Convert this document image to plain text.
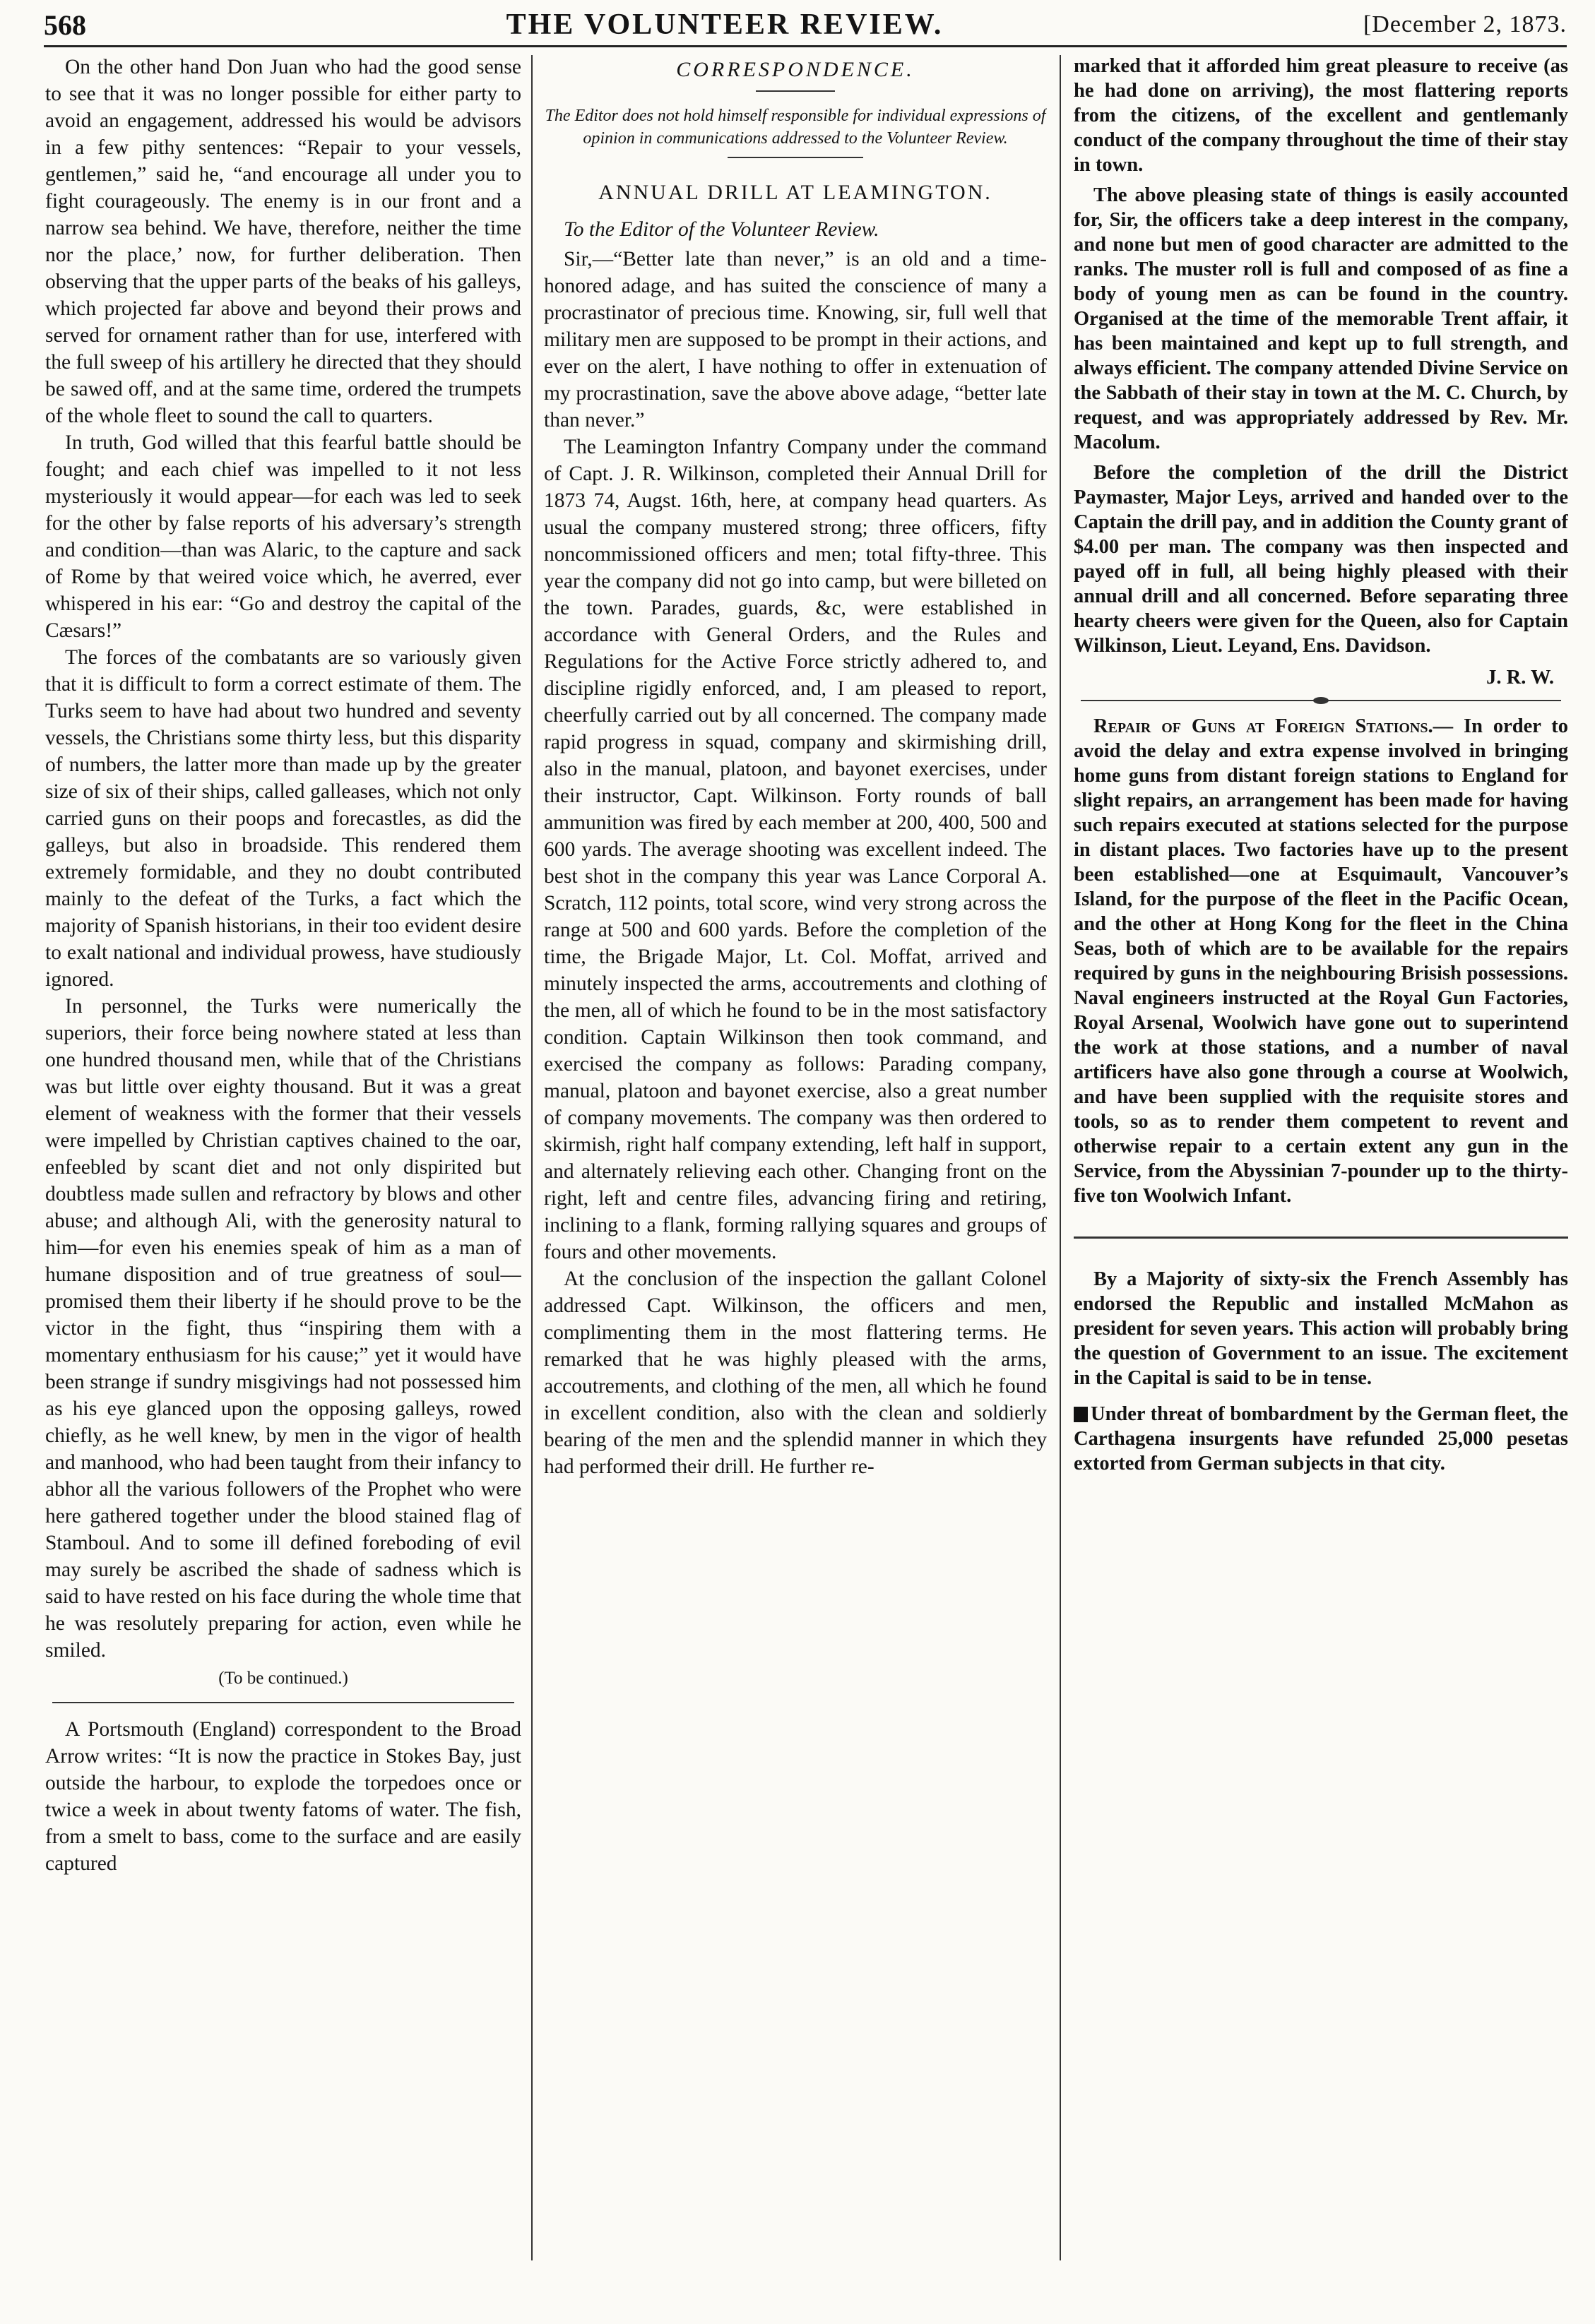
568	THE VOLUNTEER REVIEW.	[December 2, 1873.

On the other hand Don Juan who had the good sense to see that it was no longer possible for either party to avoid an engagement, addressed his would be advisors in a few pithy sentences: “Repair to your vessels, gentlemen,” said he, “and encourage all under you to fight courageously. The enemy is in our front and a narrow sea behind. We have, therefore, neither the time nor the place,’ now, for further deliberation. Then observing that the upper parts of the beaks of his galleys, which projected far above and beyond their prows and served for ornament rather than for use, interfered with the full sweep of his artillery he directed that they should be sawed off, and at the same time, ordered the trumpets of the whole fleet to sound the call to quarters.

In truth, God willed that this fearful battle should be fought; and each chief was impelled to it not less mysteriously it would appear—for each was led to seek for the other by false reports of his adversary’s strength and condition—than was Alaric, to the capture and sack of Rome by that weired voice which, he averred, ever whispered in his ear: “Go and destroy the capital of the Cæsars!”

The forces of the combatants are so variously given that it is difficult to form a correct estimate of them. The Turks seem to have had about two hundred and seventy vessels, the Christians some thirty less, but this disparity of numbers, the latter more than made up by the greater size of six of their ships, called galleases, which not only carried guns on their poops and forecastles, as did the galleys, but also in broadside. This rendered them extremely formidable, and they no doubt contributed mainly to the defeat of the Turks, a fact which the majority of Spanish historians, in their too evident desire to exalt national and individual prowess, have studiously ignored.

In personnel, the Turks were numerically the superiors, their force being nowhere stated at less than one hundred thousand men, while that of the Christians was but little over eighty thousand. But it was a great element of weakness with the former that their vessels were impelled by Christian captives chained to the oar, enfeebled by scant diet and not only dispirited but doubtless made sullen and refractory by blows and other abuse; and although Ali, with the generosity natural to him—for even his enemies speak of him as a man of humane disposition and of true greatness of soul—promised them their liberty if he should prove to be the victor in the fight, thus “inspiring them with a momentary enthusiasm for his cause;” yet it would have been strange if sundry misgivings had not possessed him as his eye glanced upon the opposing galleys, rowed chiefly, as he well knew, by men in the vigor of health and manhood, who had been taught from their infancy to abhor all the various followers of the Prophet who were here gathered together under the blood stained flag of Stamboul. And to some ill defined foreboding of evil may surely be ascribed the shade of sadness which is said to have rested on his face during the whole time that he was resolutely preparing for action, even while he smiled.

(To be continued.)

A Portsmouth (England) correspondent to the Broad Arrow writes: “It is now the practice in Stokes Bay, just outside the harbour, to explode the torpedoes once or twice a week in about twenty fatoms of water. The fish, from a smelt to bass, come to the surface and are easily captured

CORRESPONDENCE.

The Editor does not hold himself responsible for individual expressions of opinion in communications addressed to the Volunteer Review.

ANNUAL DRILL AT LEAMINGTON.

To the Editor of the Volunteer Review.

Sir,—“Better late than never,” is an old and a time-honored adage, and has suited the conscience of many a procrastinator of precious time. Knowing, sir, full well that military men are supposed to be prompt in their actions, and ever on the alert, I have nothing to offer in extenuation of my procrastination, save the above above adage, “better late than never.”

The Leamington Infantry Company under the command of Capt. J. R. Wilkinson, completed their Annual Drill for 1873 74, Augst. 16th, here, at company head quarters. As usual the company mustered strong; three officers, fifty noncommissioned officers and men; total fifty-three. This year the company did not go into camp, but were billeted on the town. Parades, guards, &c, were established in accordance with General Orders, and the Rules and Regulations for the Active Force strictly adhered to, and discipline rigidly enforced, and, I am pleased to report, cheerfully carried out by all concerned. The company made rapid progress in squad, company and skirmishing drill, also in the manual, platoon, and bayonet exercises, under their instructor, Capt. Wilkinson. Forty rounds of ball ammunition was fired by each member at 200, 400, 500 and 600 yards. The average shooting was excellent indeed. The best shot in the company this year was Lance Corporal A. Scratch, 112 points, total score, wind very strong across the range at 500 and 600 yards. Before the completion of the time, the Brigade Major, Lt. Col. Moffat, arrived and minutely inspected the arms, accoutrements and clothing of the men, all of which he found to be in the most satisfactory condition. Captain Wilkinson then took command, and exercised the company as follows: Parading company, manual, platoon and bayonet exercise, also a great number of company movements. The company was then ordered to skirmish, right half company extending, left half in support, and alternately relieving each other. Changing front on the right, left and centre files, advancing firing and retiring, inclining to a flank, forming rallying squares and groups of fours and other movements.

At the conclusion of the inspection the gallant Colonel addressed Capt. Wilkinson, the officers and men, complimenting them in the most flattering terms. He remarked that he was highly pleased with the arms, accoutrements, and clothing of the men, all which he found in excellent condition, also with the clean and soldierly bearing of the men and the splendid manner in which they had performed their drill. He further re-

marked that it afforded him great pleasure to receive (as he had done on arriving), the most flattering reports from the citizens, of the excellent and gentlemanly conduct of the company throughout the time of their stay in town.

The above pleasing state of things is easily accounted for, Sir, the officers take a deep interest in the company, and none but men of good character are admitted to the ranks. The muster roll is full and composed of as fine a body of young men as can be found in the country. Organised at the time of the memorable Trent affair, it has been maintained and kept up to full strength, and always efficient. The company attended Divine Service on the Sabbath of their stay in town at the M. C. Church, by request, and was appropriately addressed by Rev. Mr. Macolum.

Before the completion of the drill the District Paymaster, Major Leys, arrived and handed over to the Captain the drill pay, and in addition the County grant of $4.00 per man. The company was then inspected and payed off in full, all being highly pleased with their annual drill and all concerned. Before separating three hearty cheers were given for the Queen, also for Captain Wilkinson, Lieut. Leyand, Ens. Davidson.

J. R. W.

Repair of Guns at Foreign Stations.— In order to avoid the delay and extra expense involved in bringing home guns from distant foreign stations to England for slight repairs, an arrangement has been made for having such repairs executed at stations selected for the purpose in distant places. Two factories have up to the present been established—one at Esquimault, Vancouver’s Island, for the purpose of the fleet in the Pacific Ocean, and the other at Hong Kong for the fleet in the China Seas, both of which are to be available for the repairs required by guns in the neighbouring Brisish possessions. Naval engineers instructed at the Royal Gun Factories, Royal Arsenal, Woolwich have gone out to superintend the work at those stations, and a number of naval artificers have also gone through a course at Woolwich, and have been supplied with the requisite stores and tools, so as to render them competent to revent and otherwise repair to a certain extent any gun in the Service, from the Abyssinian 7-pounder up to the thirty-five ton Woolwich Infant.

By a Majority of sixty-six the French Assembly has endorsed the Republic and installed McMahon as president for seven years. This action will probably bring the question of Government to an issue. The excitement in the Capital is said to be in tense.

Under threat of bombardment by the German fleet, the Carthagena insurgents have refunded 25,000 pesetas extorted from German subjects in that city.
